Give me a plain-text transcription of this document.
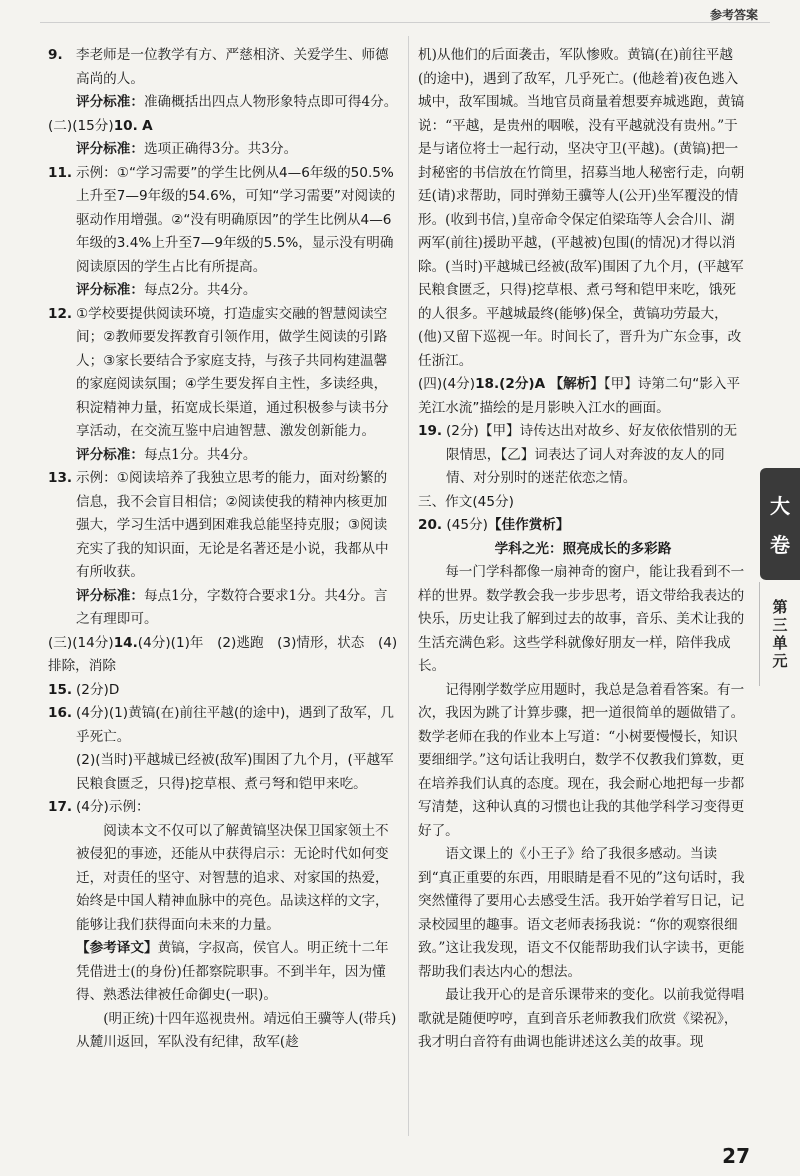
参考答案
9. 李老师是一位教学有方、严慈相济、关爱学生、师德高尚的人。

评分标准：准确概括出四点人物形象特点即可得4分。

(二)(15分)10. A

评分标准：选项正确得3分。共3分。

11. 示例：①“学习需要”的学生比例从4—6年级的50.5%上升至7—9年级的54.6%，可知“学习需要”对阅读的驱动作用增强。②“没有明确原因”的学生比例从4—6年级的3.4%上升至7—9年级的5.5%，显示没有明确阅读原因的学生占比有所提高。

评分标准：每点2分。共4分。

12. ①学校要提供阅读环境，打造虚实交融的智慧阅读空间；②教师要发挥教育引领作用，做学生阅读的引路人；③家长要结合予家庭支持，与孩子共同构建温馨的家庭阅读氛围；④学生要发挥自主性，多读经典，积淀精神力量，拓宽成长渠道，通过积极参与读书分享活动，在交流互鉴中启迪智慧、激发创新能力。

评分标准：每点1分。共4分。

13. 示例：①阅读培养了我独立思考的能力，面对纷繁的信息，我不会盲目相信；②阅读使我的精神内核更加强大，学习生活中遇到困难我总能坚持克服；③阅读充实了我的知识面，无论是名著还是小说，我都从中有所收获。

评分标准：每点1分，字数符合要求1分。共4分。言之有理即可。

(三)(14分)14.(4分)(1)年　(2)逃跑　(3)情形，状态　(4)排除，消除

15. (2分)D
16. (4分)(1)黄镐(在)前往平越(的途中)，遇到了敌军，几乎死亡。
(2)(当时)平越城已经被(敌军)围困了九个月，(平越军民粮食匮乏，只得)挖草根、煮弓弩和铠甲来吃。
17. (4分)示例：

阅读本文不仅可以了解黄镐坚决保卫国家领土不被侵犯的事迹，还能从中获得启示：无论时代如何变迁，对责任的坚守、对智慧的追求、对家国的热爱，始终是中国人精神血脉中的亮色。品读这样的文字，能够让我们获得面向未来的力量。

【参考译文】黄镐，字叔高，侯官人。明正统十二年凭借进士(的身份)任都察院职事。不到半年，因为懂得、熟悉法律被任命御史(一职)。

(明正统)十四年巡视贵州。靖远伯王骥等人(带兵)从麓川返回，军队没有纪律，敌军(趁

机)从他们的后面袭击，军队惨败。黄镐(在)前往平越(的途中)，遇到了敌军，几乎死亡。(他趁着)夜色逃入城中，敌军围城。当地官员商量着想要弃城逃跑，黄镐说：“平越，是贵州的咽喉，没有平越就没有贵州。”于是与诸位将士一起行动，坚决守卫(平越)。(黄镐)把一封秘密的书信放在竹筒里，招募当地人秘密行走，向朝廷(请)求帮助，同时弹劾王骥等人(公开)坐军覆没的情形。(收到书信，)皇帝命令保定伯梁珤等人会合川、湖两军(前往)援助平越，(平越被)包围(的情况)才得以消除。(当时)平越城已经被(敌军)围困了九个月，(平越军民粮食匮乏，只得)挖草根、煮弓弩和铠甲来吃，饿死的人很多。平越城最终(能够)保全，黄镐功劳最大，(他)又留下巡视一年。时间长了，晋升为广东佥事，改任浙江。

(四)(4分)18.(2分)A 【解析】【甲】诗第二句“影入平羌江水流”描绘的是月影映入江水的画面。

19. (2分)【甲】诗传达出对故乡、好友依依惜别的无限情思，【乙】词表达了词人对奔波的友人的同情、对分别时的迷茫依恋之情。

三、作文(45分)

20. (45分)【佳作赏析】

学科之光：照亮成长的多彩路

每一门学科都像一扇神奇的窗户，能让我看到不一样的世界。数学教会我一步步思考，语文带给我表达的快乐，历史让我了解到过去的故事，音乐、美术让我的生活充满色彩。这些学科就像好朋友一样，陪伴我成长。

记得刚学数学应用题时，我总是急着看答案。有一次，我因为跳了计算步骤，把一道很简单的题做错了。数学老师在我的作业本上写道：“小树要慢慢长，知识要细细学。”这句话让我明白，数学不仅教我们算数，更在培养我们认真的态度。现在，我会耐心地把每一步都写清楚，这种认真的习惯也让我的其他学科学习变得更好了。

语文课上的《小王子》给了我很多感动。当读到“真正重要的东西，用眼睛是看不见的”这句话时，我突然懂得了要用心去感受生活。我开始学着写日记，记录校园里的趣事。语文老师表扬我说：“你的观察很细致。”这让我发现，语文不仅能帮助我们认字读书，更能帮助我们表达内心的想法。

最让我开心的是音乐课带来的变化。以前我觉得唱歌就是随便哼哼，直到音乐老师教我们欣赏《梁祝》，我才明白音符有曲调也能讲述这么美的故事。现

大
卷
第
三
单
元
27
